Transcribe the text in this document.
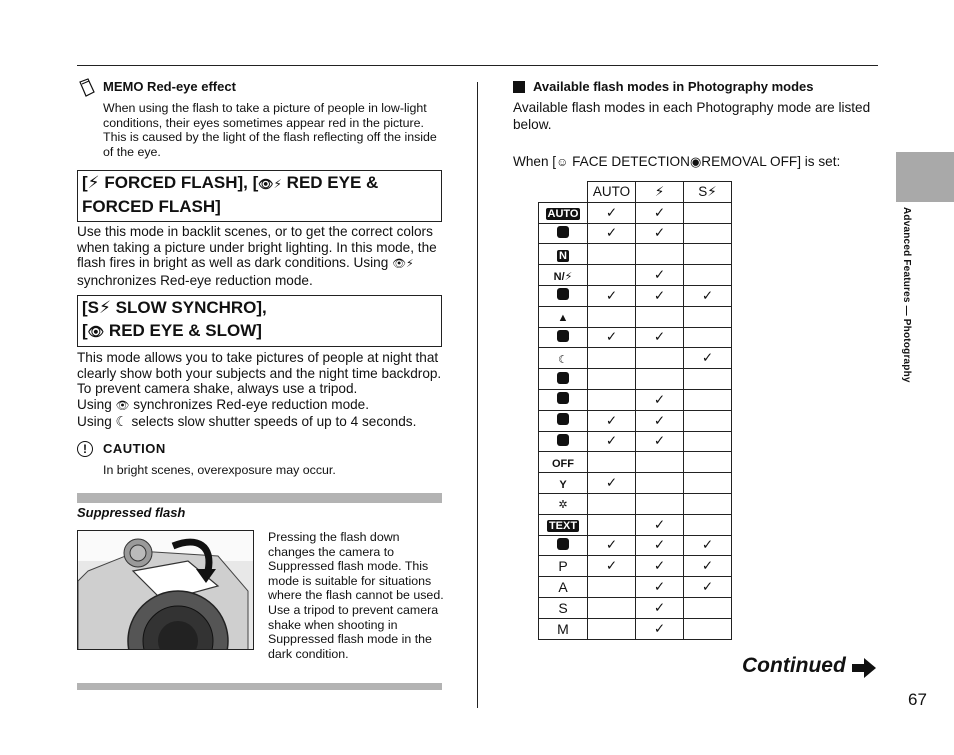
MEMO Red-eye effect
When using the flash to take a picture of people in low-light conditions, their eyes sometimes appear red in the picture. This is caused by the light of the flash reflecting off the inside of the eye.
[⚡ FORCED FLASH], [👁⚡ RED EYE &
FORCED FLASH]
Use this mode in backlit scenes, or to get the correct colors when taking a picture under bright lighting. In this mode, the flash fires in bright as well as dark conditions. Using 👁⚡ synchronizes Red-eye reduction mode.
[S⚡ SLOW SYNCHRO],
[👁 RED EYE & SLOW]
This mode allows you to take pictures of people at night that clearly show both your subjects and the night time backdrop. To prevent camera shake, always use a tripod.
Using 👁 synchronizes Red-eye reduction mode.
Using ☾ selects slow shutter speeds of up to 4 seconds.
!	CAUTION
In bright scenes, overexposure may occur.
Suppressed flash
Pressing the flash down changes the camera to Suppressed flash mode. This mode is suitable for situations where the flash cannot be used. Use a tripod to prevent camera shake when shooting in Suppressed flash mode in the dark condition.
Available flash modes in Photography modes
Available flash modes in each Photography mode are listed below.
When [☺ FACE DETECTION◉REMOVAL OFF] is set:
	AUTO	⚡	S⚡
AUTO	✓	✓	
	✓	✓	
N			
N/⚡		✓	
	✓	✓	✓
▲			
	✓	✓	
☾			✓

		✓	
	✓	✓	
	✓	✓	
OFF			
Y	✓		
✲			
TEXT		✓	
	✓	✓	✓
P	✓	✓	✓
A		✓	✓
S		✓	
M		✓	
Advanced Features — Photography
Continued
67
